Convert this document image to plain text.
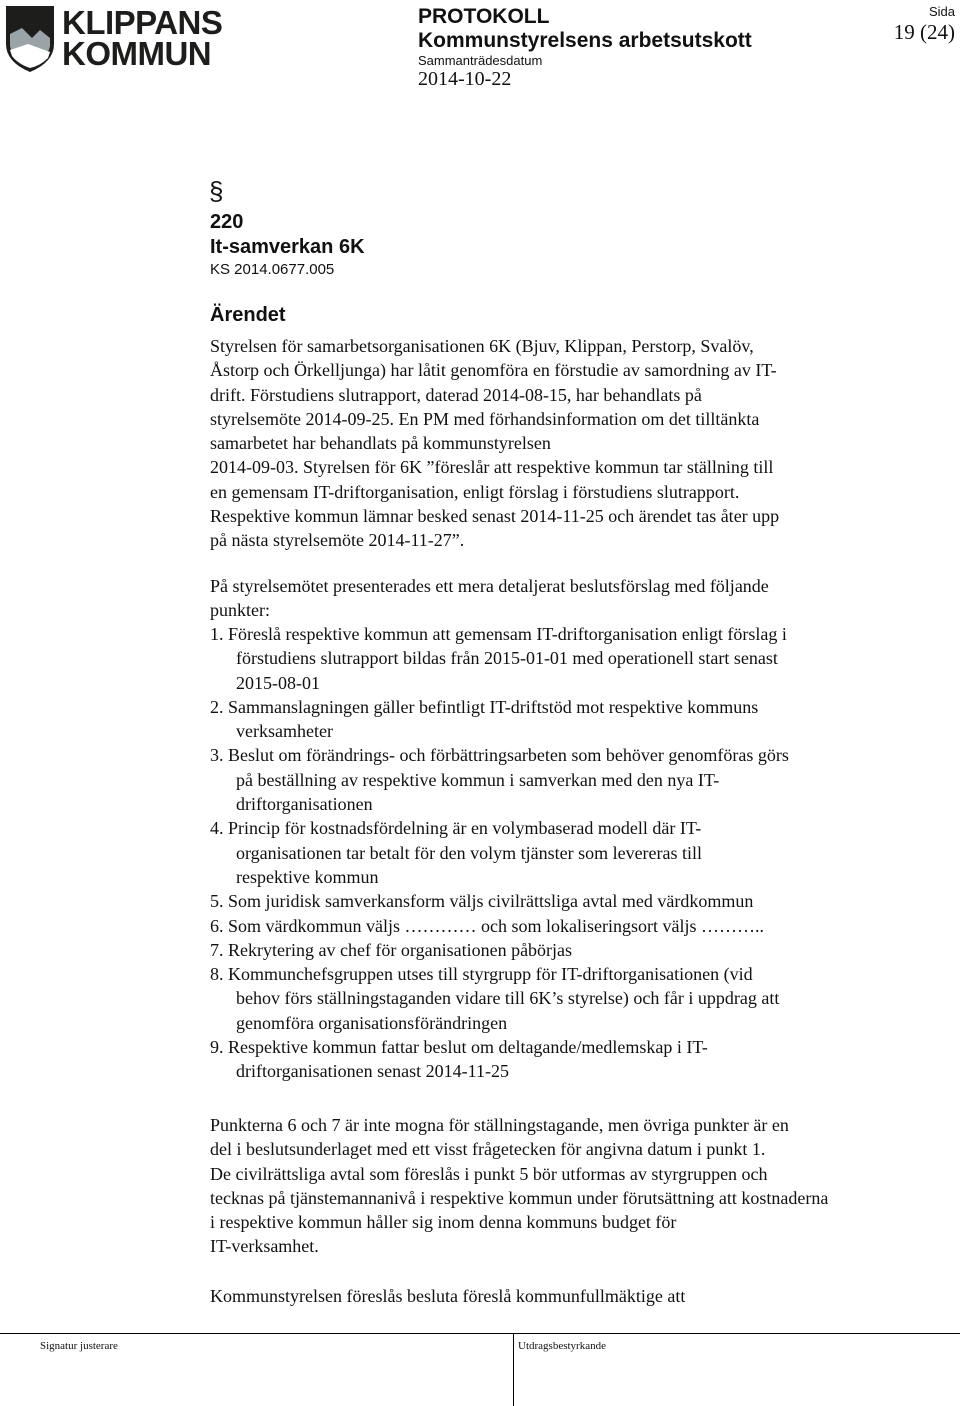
KLIPPANS
KOMMUN
PROTOKOLL
Kommunstyrelsens arbetsutskott
Sammanträdesdatum
2014-10-22
Sida
19 (24)
§
220
It-samverkan 6K
KS 2014.0677.005
Ärendet
Styrelsen för samarbetsorganisationen 6K (Bjuv, Klippan, Perstorp, Svalöv,
Åstorp och Örkelljunga) har låtit genomföra en förstudie av samordning av IT-
drift. Förstudiens slutrapport, daterad 2014-08-15, har behandlats på
styrelsemöte 2014-09-25. En PM med förhandsinformation om det tilltänkta
samarbetet har behandlats på kommunstyrelsen
2014-09-03. Styrelsen för 6K ”föreslår att respektive kommun tar ställning till
en gemensam IT-driftorganisation, enligt förslag i förstudiens slutrapport.
Respektive kommun lämnar besked senast 2014-11-25 och ärendet tas åter upp
på nästa styrelsemöte 2014-11-27”.
På styrelsemötet presenterades ett mera detaljerat beslutsförslag med följande
punkter:
1. Föreslå respektive kommun att gemensam IT-driftorganisation enligt förslag i
förstudiens slutrapport bildas från 2015-01-01 med operationell start senast
2015-08-01
2. Sammanslagningen gäller befintligt IT-driftstöd mot respektive kommuns
verksamheter
3. Beslut om förändrings- och förbättringsarbeten som behöver genomföras görs
på beställning av respektive kommun i samverkan med den nya IT-
driftorganisationen
4. Princip för kostnadsfördelning är en volymbaserad modell där IT-
organisationen tar betalt för den volym tjänster som levereras till
respektive kommun
5. Som juridisk samverkansform väljs civilrättsliga avtal med värdkommun
6. Som värdkommun väljs ………… och som lokaliseringsort väljs ………..
7. Rekrytering av chef för organisationen påbörjas
8. Kommunchefsgruppen utses till styrgrupp för IT-driftorganisationen (vid
behov förs ställningstaganden vidare till 6K’s styrelse) och får i uppdrag att
genomföra organisationsförändringen
9. Respektive kommun fattar beslut om deltagande/medlemskap i IT-
driftorganisationen senast 2014-11-25
Punkterna 6 och 7 är inte mogna för ställningstagande, men övriga punkter är en
del i beslutsunderlaget med ett visst frågetecken för angivna datum i punkt 1.
De civilrättsliga avtal som föreslås i punkt 5 bör utformas av styrgruppen och
tecknas på tjänstemannanivå i respektive kommun under förutsättning att kostnaderna
i respektive kommun håller sig inom denna kommuns budget för
IT-verksamhet.
Kommunstyrelsen föreslås besluta föreslå kommunfullmäktige att
Signatur justerare	Utdragsbestyrkande
